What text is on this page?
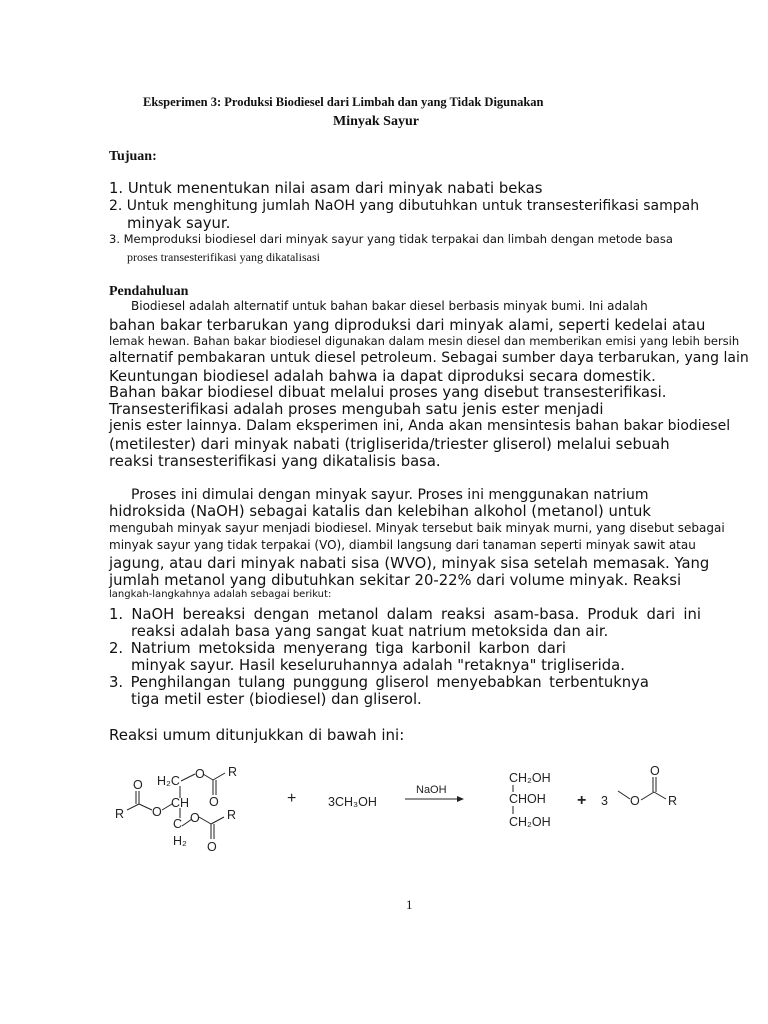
Eksperimen 3: Produksi Biodiesel dari Limbah dan yang Tidak Digunakan
Minyak Sayur
Tujuan:
1. Untuk menentukan nilai asam dari minyak nabati bekas
2. Untuk menghitung jumlah NaOH yang dibutuhkan untuk transesterifikasi sampah
minyak sayur.
3. Memproduksi biodiesel dari minyak sayur yang tidak terpakai dan limbah dengan metode basa
proses transesterifikasi yang dikatalisasi
Pendahuluan
Biodiesel adalah alternatif untuk bahan bakar diesel berbasis minyak bumi. Ini adalah
bahan bakar terbarukan yang diproduksi dari minyak alami, seperti kedelai atau
lemak hewan. Bahan bakar biodiesel digunakan dalam mesin diesel dan memberikan emisi yang lebih bersih
alternatif pembakaran untuk diesel petroleum. Sebagai sumber daya terbarukan, yang lain
Keuntungan biodiesel adalah bahwa ia dapat diproduksi secara domestik.
Bahan bakar biodiesel dibuat melalui proses yang disebut transesterifikasi.
Transesterifikasi adalah proses mengubah satu jenis ester menjadi
jenis ester lainnya. Dalam eksperimen ini, Anda akan mensintesis bahan bakar biodiesel
(metilester) dari minyak nabati (trigliserida/triester gliserol) melalui sebuah
reaksi transesterifikasi yang dikatalisis basa.
Proses ini dimulai dengan minyak sayur. Proses ini menggunakan natrium
hidroksida (NaOH) sebagai katalis dan kelebihan alkohol (metanol) untuk
mengubah minyak sayur menjadi biodiesel. Minyak tersebut baik minyak murni, yang disebut sebagai
minyak sayur yang tidak terpakai (VO), diambil langsung dari tanaman seperti minyak sawit atau
jagung, atau dari minyak nabati sisa (WVO), minyak sisa setelah memasak. Yang
jumlah metanol yang dibutuhkan sekitar 20-22% dari volume minyak. Reaksi
langkah-langkahnya adalah sebagai berikut:
1. NaOH bereaksi dengan metanol dalam reaksi asam-basa. Produk dari ini
reaksi adalah basa yang sangat kuat natrium metoksida dan air.
2. Natrium metoksida menyerang tiga karbonil karbon dari
minyak sayur. Hasil keseluruhannya adalah "retaknya" trigliserida.
3. Penghilangan tulang punggung gliserol menyebabkan terbentuknya
tiga metil ester (biodiesel) dan gliserol.
Reaksi umum ditunjukkan di bawah ini:
O R
H₂C
O
O
CH
O
R
C O R
H₂ O
+	3CH₃OH
NaOH
CH₂OH
CHOH
CH₂OH
+ 3 O
O
R
1
